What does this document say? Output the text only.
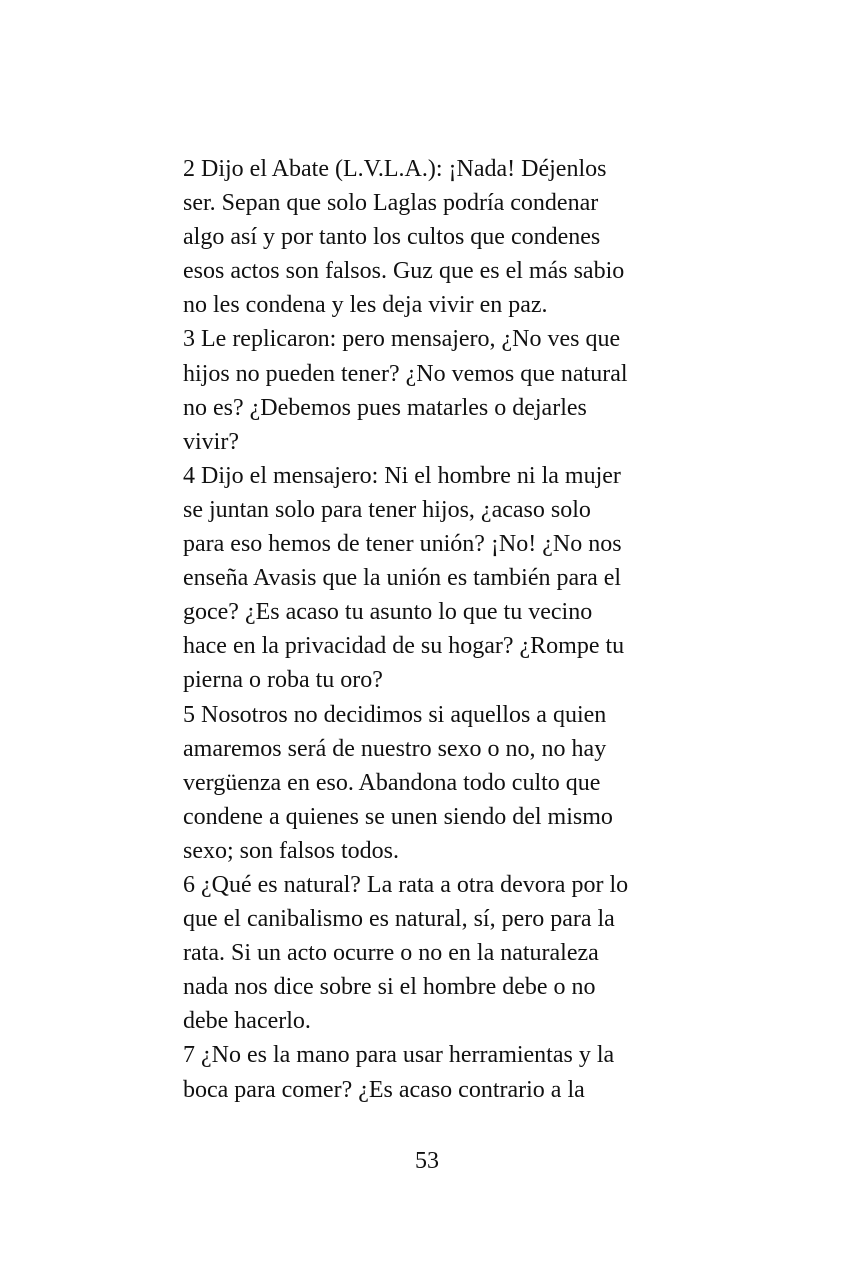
2 Dijo el Abate (L.V.L.A.): ¡Nada! Déjenlos
ser. Sepan que solo Laglas podría condenar
algo así y por tanto los cultos que condenes
esos actos son falsos. Guz que es el más sabio
no les condena y les deja vivir en paz.
3 Le replicaron: pero mensajero, ¿No ves que
hijos no pueden tener? ¿No vemos que natural
no es? ¿Debemos pues matarles o dejarles
vivir?
4 Dijo el mensajero: Ni el hombre ni la mujer
se juntan solo para tener hijos, ¿acaso solo
para eso hemos de tener unión? ¡No! ¿No nos
enseña Avasis que la unión es también para el
goce? ¿Es acaso tu asunto lo que tu vecino
hace en la privacidad de su hogar? ¿Rompe tu
pierna o roba tu oro?
5 Nosotros no decidimos si aquellos a quien
amaremos será de nuestro sexo o no, no hay
vergüenza en eso. Abandona todo culto que
condene a quienes se unen siendo del mismo
sexo; son falsos todos.
6 ¿Qué es natural? La rata a otra devora por lo
que el canibalismo es natural, sí, pero para la
rata. Si un acto ocurre o no en la naturaleza
nada nos dice sobre si el hombre debe o no
debe hacerlo.
7 ¿No es la mano para usar herramientas y la
boca para comer? ¿Es acaso contrario a la
53
